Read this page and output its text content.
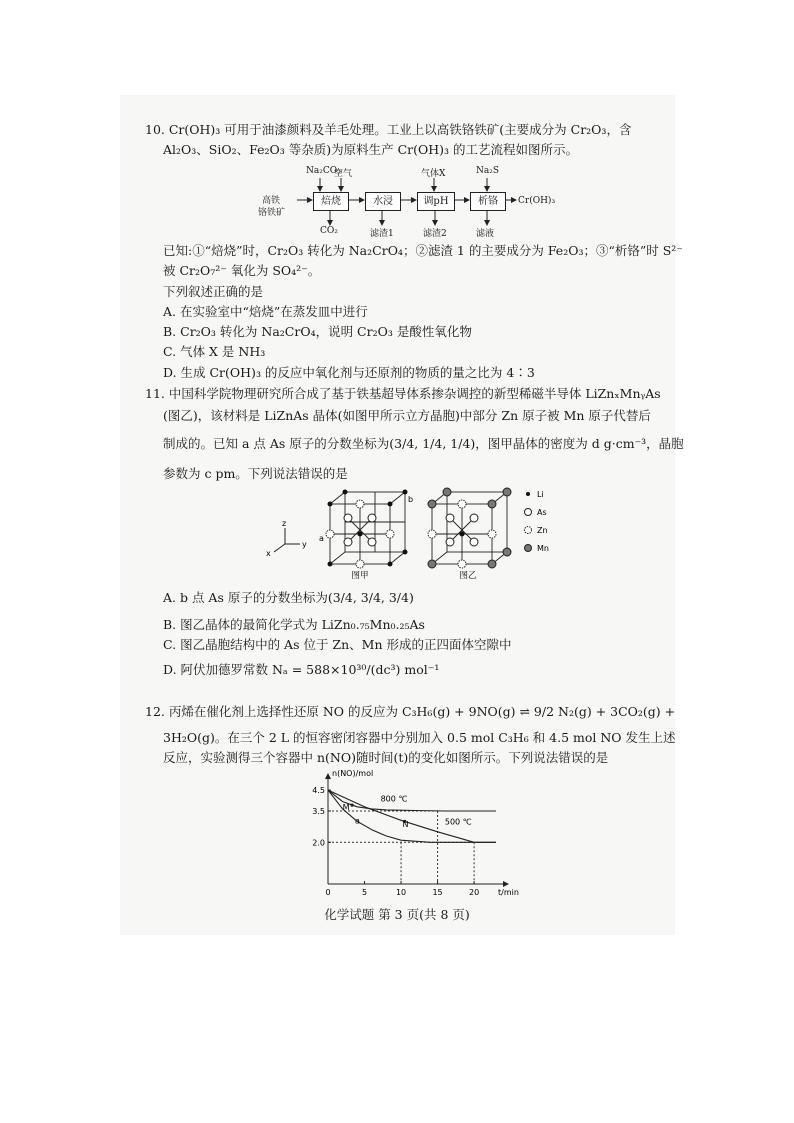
10. Cr(OH)₃ 可用于油漆颜料及羊毛处理。工业上以高铁铬铁矿(主要成分为 Cr₂O₃，含
Al₂O₃、SiO₂、Fe₂O₃ 等杂质)为原料生产 Cr(OH)₃ 的工艺流程如图所示。
高铁
铬铁矿
焙烧	水浸	调pH	析铬
Na₂CO₃
空气	气体X	Na₂S
CO₂	滤渣1	滤渣2	滤液
Cr(OH)₃
已知:①“焙烧”时，Cr₂O₃ 转化为 Na₂CrO₄；②滤渣 1 的主要成分为 Fe₂O₃；③“析铬”时 S²⁻
被 Cr₂O₇²⁻ 氧化为 SO₄²⁻。
下列叙述正确的是
A. 在实验室中“焙烧”在蒸发皿中进行
B. Cr₂O₃ 转化为 Na₂CrO₄，说明 Cr₂O₃ 是酸性氧化物
C. 气体 X 是 NH₃
D. 生成 Cr(OH)₃ 的反应中氧化剂与还原剂的物质的量之比为 4∶3
11. 中国科学院物理研究所合成了基于铁基超导体系掺杂调控的新型稀磁半导体 LiZnₓMnᵧAs
(图乙)，该材料是 LiZnAs 晶体(如图甲所示立方晶胞)中部分 Zn 原子被 Mn 原子代替后
制成的。已知 a 点 As 原子的分数坐标为(3/4, 1/4, 1/4)，图甲晶体的密度为 d g·cm⁻³，晶胞
参数为 c pm。下列说法错误的是
z
y
x
a
b
Li
As
Zn
Mn
图甲	图乙
A. b 点 As 原子的分数坐标为(3/4, 3/4, 3/4)
B. 图乙晶体的最简化学式为 LiZn₀.₇₅Mn₀.₂₅As
C. 图乙晶胞结构中的 As 位于 Zn、Mn 形成的正四面体空隙中
D. 阿伏加德罗常数 Nₐ = 588×10³⁰/(dc³) mol⁻¹
12. 丙烯在催化剂上选择性还原 NO 的反应为 C₃H₆(g) + 9NO(g) ⇌ 9/2 N₂(g) + 3CO₂(g) +
3H₂O(g)。在三个 2 L 的恒容密闭容器中分别加入 0.5 mol C₃H₆ 和 4.5 mol NO 发生上述
反应，实验测得三个容器中 n(NO)随时间(t)的变化如图所示。下列说法错误的是
0	5	10	15	20
2.0
3.5
4.5
n(NO)/mol
t/min
800 ℃
500 ℃
M
N
a
化学试题 第 3 页(共 8 页)
